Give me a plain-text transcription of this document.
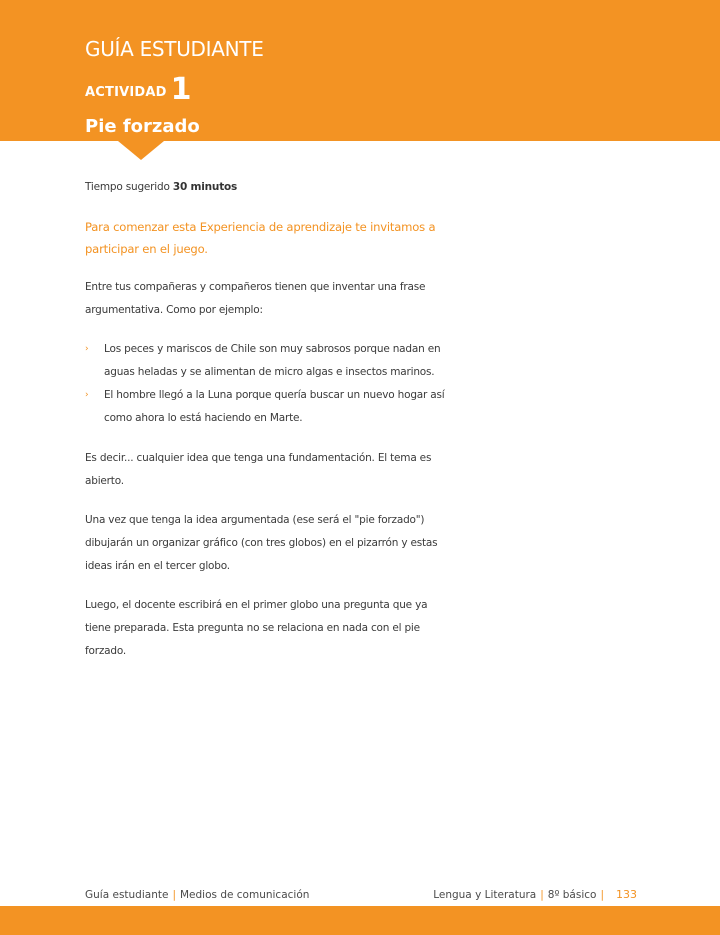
GUÍA ESTUDIANTE
ACTIVIDAD 1
Pie forzado

Tiempo sugerido 30 minutos

Para comenzar esta Experiencia de aprendizaje te invitamos a participar en el juego.

Entre tus compañeras y compañeros tienen que inventar una frase argumentativa. Como por ejemplo:

› Los peces y mariscos de Chile son muy sabrosos porque nadan en aguas heladas y se alimentan de micro algas e insectos marinos.
› El hombre llegó a la Luna porque quería buscar un nuevo hogar así como ahora lo está haciendo en Marte.

Es decir... cualquier idea que tenga una fundamentación. El tema es abierto.

Una vez que tenga la idea argumentada (ese será el "pie forzado") dibujarán un organizar gráfico (con tres globos) en el pizarrón y estas ideas irán en el tercer globo.

Luego, el docente escribirá en el primer globo una pregunta que ya tiene preparada. Esta pregunta no se relaciona en nada con el pie forzado.

Guía estudiante | Medios de comunicación	Lengua y Literatura | 8º básico | 133
